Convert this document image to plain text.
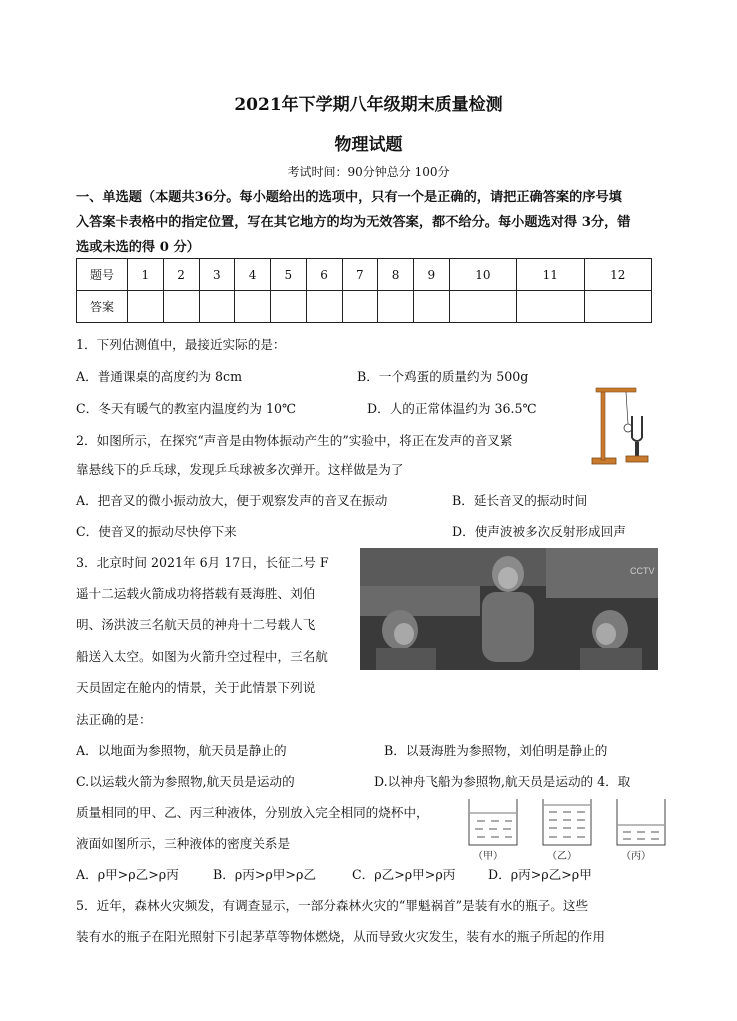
2021年下学期八年级期末质量检测
物理试题
考试时间：90分钟总分 100分
一、单选题（本题共36分。每小题给出的选项中，只有一个是正确的，请把正确答案的序号填
入答案卡表格中的指定位置，写在其它地方的均为无效答案，都不给分。每小题选对得 3分，错
选或未选的得 0 分）
题号	1	2	3	4	5	6	7	8	9	10	11	12
答案												
1．下列估测值中，最接近实际的是：
A．普通课桌的高度约为 8cm	B．一个鸡蛋的质量约为 500g
C．冬天有暖气的教室内温度约为 10℃	D．人的正常体温约为 36.5℃
2．如图所示，在探究“声音是由物体振动产生的”实验中，将正在发声的音叉紧
靠悬线下的乒乓球，发现乒乓球被多次弹开。这样做是为了
A．把音叉的微小振动放大，便于观察发声的音叉在振动	B．延长音叉的振动时间
C．使音叉的振动尽快停下来	D．使声波被多次反射形成回声
3．北京时间 2021年 6月 17日，长征二号 F
遥十二运载火箭成功将搭载有聂海胜、刘伯
明、汤洪波三名航天员的神舟十二号载人飞
船送入太空。如图为火箭升空过程中，三名航
天员固定在舱内的情景，关于此情景下列说
法正确的是：
CCTV
A．以地面为参照物，航天员是静止的	B．以聂海胜为参照物，刘伯明是静止的
C.以运载火箭为参照物,航天员是运动的	D.以神舟飞船为参照物,航天员是运动的 4．取
质量相同的甲、乙、丙三种液体，分别放入完全相同的烧杯中，
液面如图所示，三种液体的密度关系是
（甲）	（乙）	（丙）
A．ρ甲>ρ乙>ρ丙	B．ρ丙>ρ甲>ρ乙	C．ρ乙>ρ甲>ρ丙	D．ρ丙>ρ乙>ρ甲
5．近年，森林火灾频发，有调查显示，一部分森林火灾的“罪魁祸首”是装有水的瓶子。这些
装有水的瓶子在阳光照射下引起茅草等物体燃烧，从而导致火灾发生，装有水的瓶子所起的作用
